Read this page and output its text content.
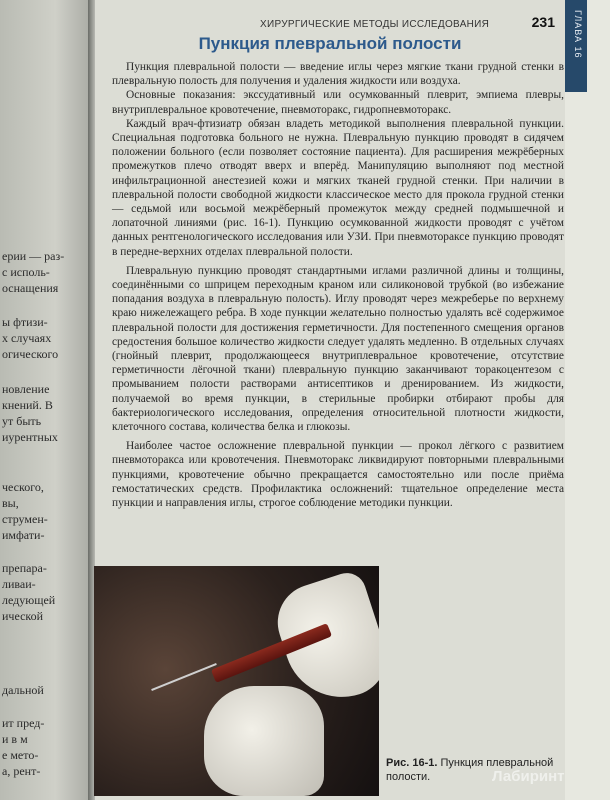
ерии — раз-
с исполь-
оснащения
ы фтизи-
х случаях
огического
новление
кнений. В
ут быть
иурентных
ческого,
вы,
струмен-
имфати-
препара-
ливаи-
ледующей
ической
дальной
ит пред-
и в м
е мето-
а, рент-
ГЛАВА 16
ХИРУРГИЧЕСКИЕ МЕТОДЫ ИССЛЕДОВАНИЯ	231
Пункция плевральной полости

Пункция плевральной полости — введение иглы через мягкие ткани грудной стенки в плевральную полость для получения и удаления жидкости или воздуха.

Основные показания: экссудативный или осумкованный плеврит, эмпиема плевры, внутриплевральное кровотечение, пневмоторакс, гидропневмоторакс.

Каждый врач-фтизиатр обязан владеть методикой выполнения плевральной пункции. Специальная подготовка больного не нужна. Плевральную пункцию проводят в сидячем положении больного (если позволяет состояние пациента). Для расширения межрёберных промежутков плечо отводят вверх и вперёд. Манипуляцию выполняют под местной инфильтрационной анестезией кожи и мягких тканей грудной стенки. При наличии в плевральной полости свободной жидкости классическое место для прокола грудной стенки — седьмой или восьмой межрёберный промежуток между средней подмышечной и лопаточной линиями (рис. 16-1). Пункцию осумкованной жидкости проводят с учётом данных рентгенологического исследования или УЗИ. При пневмотораксе пункцию проводят в передне-верхних отделах плевральной полости.

Плевральную пункцию проводят стандартными иглами различной длины и толщины, соединёнными со шприцем переходным краном или силиконовой трубкой (во избежание попадания воздуха в плевральную полость). Иглу проводят через межреберье по верхнему краю нижележащего ребра. В ходе пункции желательно полностью удалять всё содержимое плевральной полости для достижения герметичности. Для постепенного смещения органов средостения большое количество жидкости следует удалять медленно. В отдельных случаях (гнойный плеврит, продолжающееся внутриплевральное кровотечение, отсутствие герметичности лёгочной ткани) плевральную пункцию заканчивают торакоцентезом с промыванием полости растворами антисептиков и дренированием. Из жидкости, получаемой во время пункции, в стерильные пробирки отбирают пробы для бактериологического исследования, определения относительной плотности жидкости, клеточного состава, количества белка и глюкозы.

Наиболее частое осложнение плевральной пункции — прокол лёгкого с развитием пневмоторакса или кровотечения. Пневмоторакс ликвидируют повторными плевральными пункциями, кровотечение обычно прекращается самостоятельно или после приёма гемостатических средств. Профилактика осложнений: тщательное определение места пункции и направления иглы, строгое соблюдение методики пункции.

Рис. 16-1. Пункция плевральной полости.	Лабиринт
